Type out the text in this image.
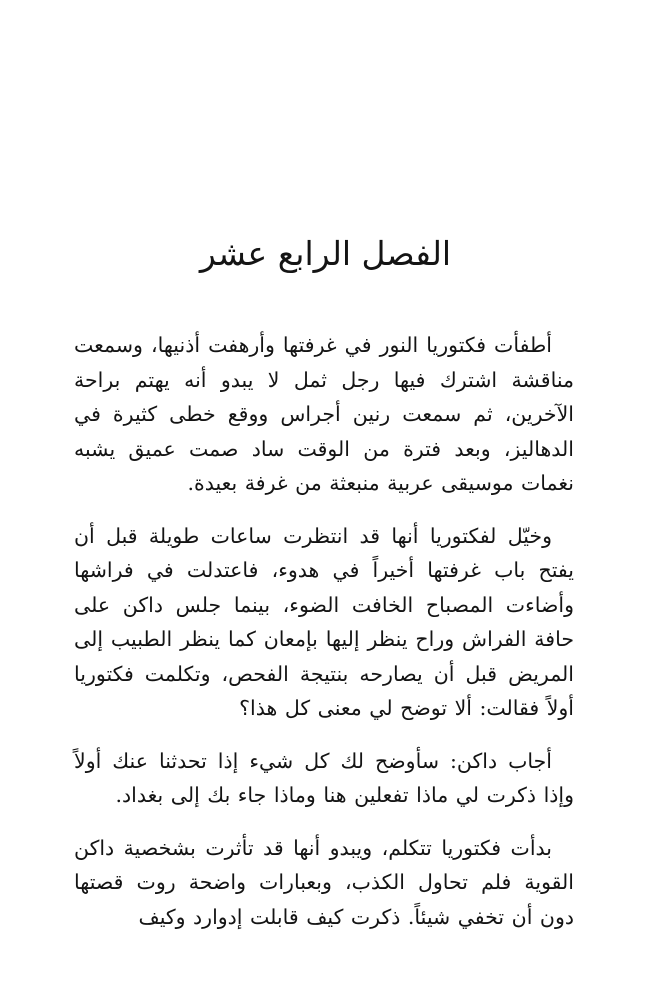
الفصل الرابع عشر

أطفأت فكتوريا النور في غرفتها وأرهفت أذنيها، وسمعت مناقشة اشترك فيها رجل ثمل لا يبدو أنه يهتم براحة الآخرين، ثم سمعت رنين أجراس ووقع خطى كثيرة في الدهاليز، وبعد فترة من الوقت ساد صمت عميق يشبه نغمات موسيقى عربية منبعثة من غرفة بعيدة.

وخيّل لفكتوريا أنها قد انتظرت ساعات طويلة قبل أن يفتح باب غرفتها أخيراً في هدوء، فاعتدلت في فراشها وأضاءت المصباح الخافت الضوء، بينما جلس داكن على حافة الفراش وراح ينظر إليها بإمعان كما ينظر الطبيب إلى المريض قبل أن يصارحه بنتيجة الفحص، وتكلمت فكتوريا أولاً فقالت: ألا توضح لي معنى كل هذا؟

أجاب داكن: سأوضح لك كل شيء إذا تحدثنا عنك أولاً وإذا ذكرت لي ماذا تفعلين هنا وماذا جاء بك إلى بغداد.

بدأت فكتوريا تتكلم، ويبدو أنها قد تأثرت بشخصية داكن القوية فلم تحاول الكذب، وبعبارات واضحة روت قصتها دون أن تخفي شيئاً. ذكرت كيف قابلت إدوارد وكيف
